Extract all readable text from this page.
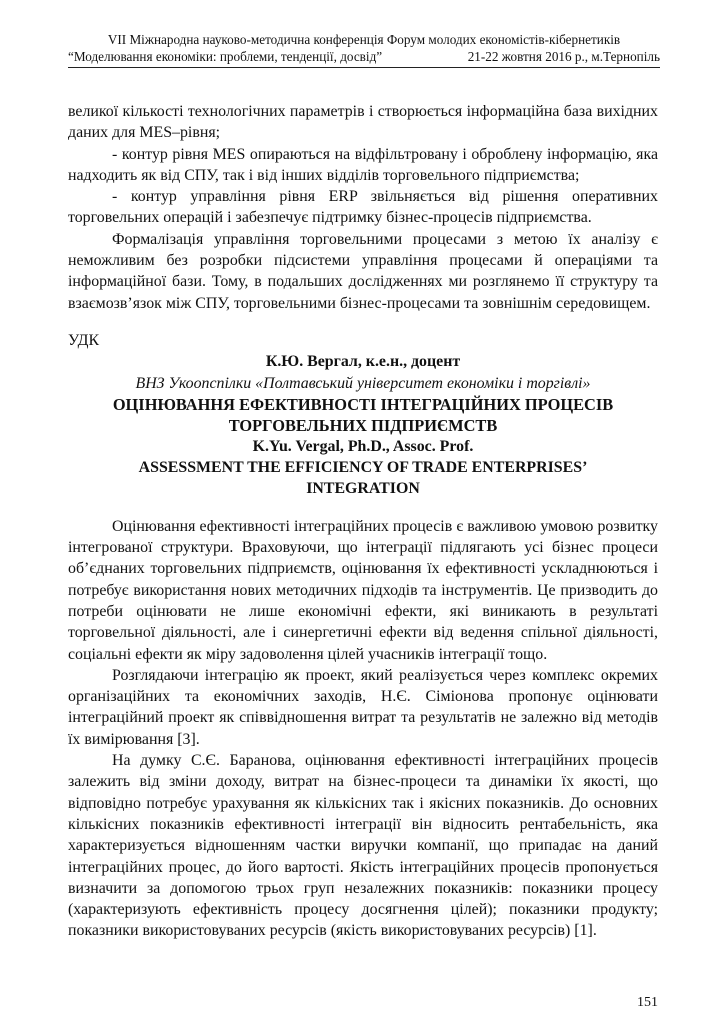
VII Міжнародна науково-методична конференція Форум молодих економістів-кібернетиків
“Моделювання економіки: проблеми, тенденції, досвід”	21-22 жовтня 2016 р., м.Тернопіль

великої кількості технологічних параметрів і створюється інформаційна база вихідних даних для MES–рівня;

- контур рівня MES опираються на відфільтровану і оброблену інформацію, яка надходить як від СПУ, так і від інших відділів торговельного підприємства;

- контур управління рівня ERP звільняється від рішення оперативних торговельних операцій і забезпечує підтримку бізнес-процесів підприємства.

Формалізація управління торговельними процесами з метою їх аналізу є неможливим без розробки підсистеми управління процесами й операціями та інформаційної бази. Тому, в подальших дослідженнях ми розглянемо її структуру та взаємозв’язок між СПУ, торговельними бізнес-процесами та зовнішнім середовищем.

УДК

К.Ю. Вергал, к.е.н., доцент

ВНЗ Укоопспілки «Полтавський університет економіки і торгівлі»

ОЦІНЮВАННЯ ЕФЕКТИВНОСТІ ІНТЕГРАЦІЙНИХ ПРОЦЕСІВ

ТОРГОВЕЛЬНИХ ПІДПРИЄМСТВ

K.Yu. Vergal, Ph.D., Assoc. Prof.

ASSESSMENT THE EFFICIENCY OF TRADE ENTERPRISES’

INTEGRATION

Оцінювання ефективності інтеграційних процесів є важливою умовою розвитку інтегрованої структури. Враховуючи, що інтеграції підлягають усі бізнес процеси об’єднаних торговельних підприємств, оцінювання їх ефективності ускладнюються і потребує використання нових методичних підходів та інструментів. Це призводить до потреби оцінювати не лише економічні ефекти, які виникають в результаті торговельної діяльності, але і синергетичні ефекти від ведення спільної діяльності, соціальні ефекти як міру задоволення цілей учасників інтеграції тощо.

Розглядаючи інтеграцію як проект, який реалізується через комплекс окремих організаційних та економічних заходів, Н.Є. Сіміонова пропонує оцінювати інтеграційний проект як співвідношення витрат та результатів не залежно від методів їх вимірювання [3].

На думку С.Є. Баранова, оцінювання ефективності інтеграційних процесів залежить від зміни доходу, витрат на бізнес-процеси та динаміки їх якості, що відповідно потребує урахування як кількісних так і якісних показників. До основних кількісних показників ефективності інтеграції він відносить рентабельність, яка характеризується відношенням частки виручки компанії, що припадає на даний інтеграційних процес, до його вартості. Якість інтеграційних процесів пропонується визначити за допомогою трьох груп незалежних показників: показники процесу (характеризують ефективність процесу досягнення цілей); показники продукту; показники використовуваних ресурсів (якість використовуваних ресурсів) [1].

151
